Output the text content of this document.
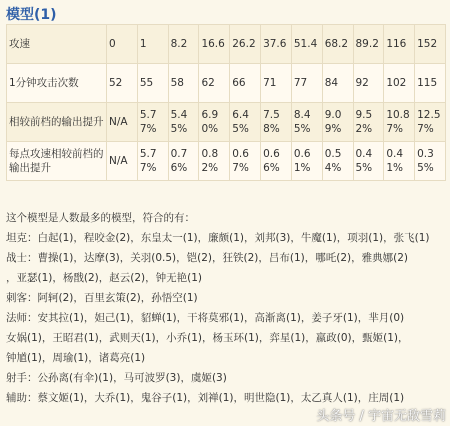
模型(1)
攻速	0	1	8.2	16.6	26.2	37.6	51.4	68.2	89.2	116	152
1分钟攻击次数	52	55	58	62	66	71	77	84	92	102	115
相较前档的输出提升	N/A	5.77%	5.45%	6.90%	6.45%	7.58%	8.45%	9.09%	9.52%	10.87%	12.57%
每点攻速相较前档的输出提升	N/A	5.77%	0.76%	0.82%	0.67%	0.66%	0.61%	0.54%	0.45%	0.41%	0.35%
这个模型是人数最多的模型，符合的有：
坦克：白起(1)，程咬金(2)，东皇太一(1)，廉颇(1)，刘邦(3)，牛魔(1)，项羽(1)，张飞(1)
战士：曹操(1)，达摩(3)，关羽(0.5)，铠(2)，狂铁(2)，吕布(1)，哪吒(2)，雅典娜(2)
，亚瑟(1)，杨戬(2)，赵云(2)，钟无艳(1)
刺客：阿轲(2)，百里玄策(2)，孙悟空(1)
法师：安其拉(1)，妲己(1)，貂蝉(1)，干将莫邪(1)，高渐离(1)，姜子牙(1)，芈月(0)
女娲(1)，王昭君(1)，武则天(1)，小乔(1)，杨玉环(1)，弈星(1)，嬴政(0)，甄姬(1)，
钟馗(1)，周瑜(1)，诸葛亮(1)
射手：公孙离(有伞)(1)，马可波罗(3)，虞姬(3)
辅助：蔡文姬(1)，大乔(1)，鬼谷子(1)，刘禅(1)，明世隐(1)，太乙真人(1)，庄周(1)
头条号 / 宇宙无敌雪莉
